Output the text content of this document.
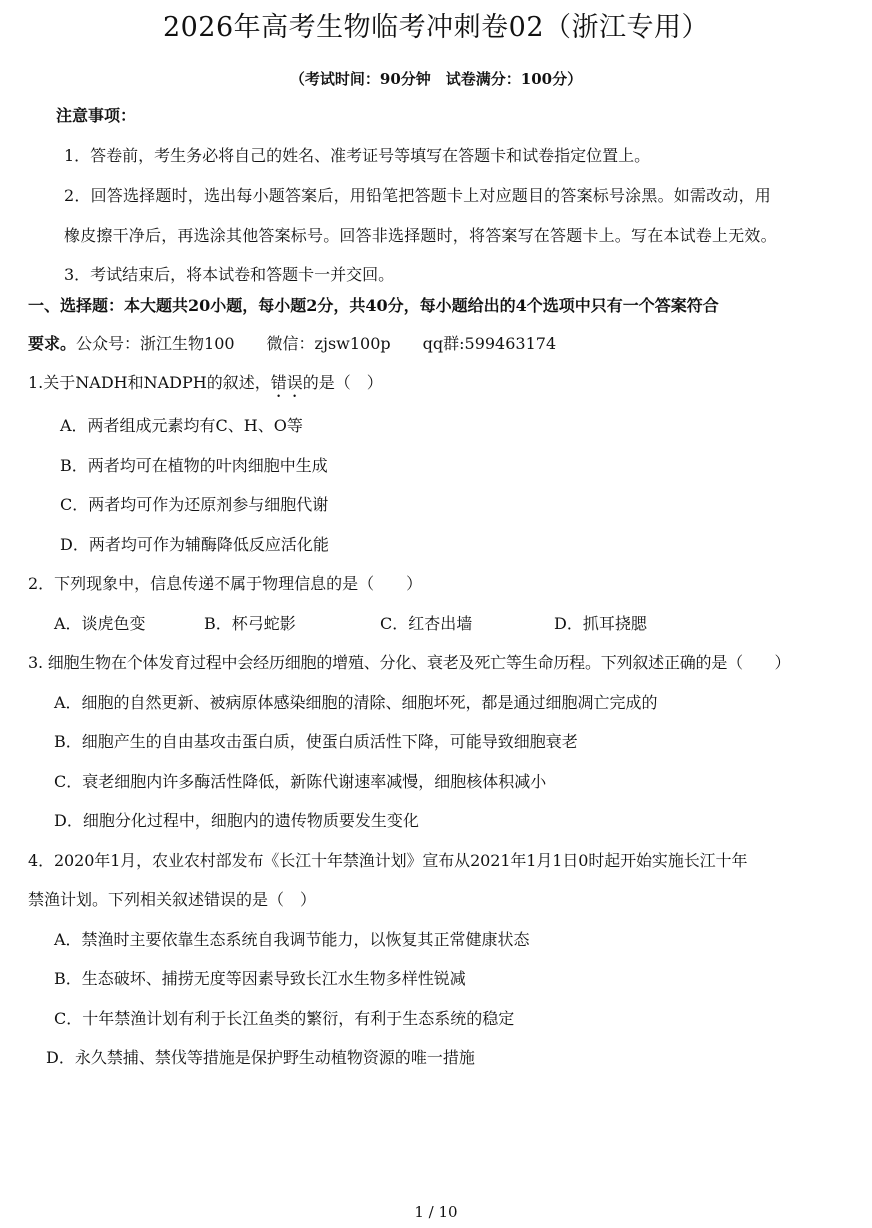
2026年高考生物临考冲刺卷02（浙江专用）
（考试时间：90分钟　试卷满分：100分）
注意事项：
1．答卷前，考生务必将自己的姓名、准考证号等填写在答题卡和试卷指定位置上。
2．回答选择题时，选出每小题答案后，用铅笔把答题卡上对应题目的答案标号涂黑。如需改动，用
橡皮擦干净后，再选涂其他答案标号。回答非选择题时，将答案写在答题卡上。写在本试卷上无效。
3．考试结束后，将本试卷和答题卡一并交回。
一、选择题：本大题共20小题，每小题2分，共40分，每小题给出的4个选项中只有一个答案符合
要求。公众号：浙江生物100　　微信：zjsw100p　　qq群:599463174
1.关于NADH和NADPH的叙述，错误的是（　）
A．两者组成元素均有C、H、O等
B．两者均可在植物的叶肉细胞中生成
C．两者均可作为还原剂参与细胞代谢
D．两者均可作为辅酶降低反应活化能
2．下列现象中，信息传递不属于物理信息的是（　　）
A．谈虎色变	B．杯弓蛇影	C．红杏出墙	D．抓耳挠腮
3. 细胞生物在个体发育过程中会经历细胞的增殖、分化、衰老及死亡等生命历程。下列叙述正确的是（　　）
A．细胞的自然更新、被病原体感染细胞的清除、细胞坏死，都是通过细胞凋亡完成的
B．细胞产生的自由基攻击蛋白质，使蛋白质活性下降，可能导致细胞衰老
C．衰老细胞内许多酶活性降低，新陈代谢速率减慢，细胞核体积减小
D．细胞分化过程中，细胞内的遗传物质要发生变化
4．2020年1月，农业农村部发布《长江十年禁渔计划》宣布从2021年1月1日0时起开始实施长江十年
禁渔计划。下列相关叙述错误的是（　）
A．禁渔时主要依靠生态系统自我调节能力，以恢复其正常健康状态
B．生态破坏、捕捞无度等因素导致长江水生物多样性锐减
C．十年禁渔计划有利于长江鱼类的繁衍，有利于生态系统的稳定
D．永久禁捕、禁伐等措施是保护野生动植物资源的唯一措施
1 / 10
